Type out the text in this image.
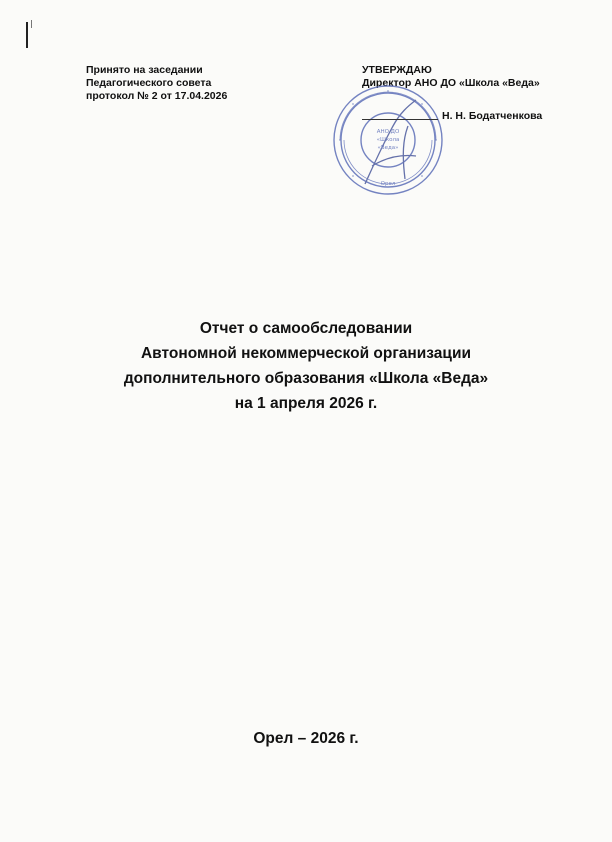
Принято на заседании
Педагогического совета
протокол № 2 от 17.04.2026
УТВЕРЖДАЮ
Директор АНО ДО «Школа «Веда»
АНО ДО
«Школа
«Веда»
Орел
Н. Н. Бодатченкова
Отчет о самообследовании
Автономной некоммерческой организации
дополнительного образования «Школа «Веда»
на 1 апреля 2026 г.
Орел – 2026 г.
